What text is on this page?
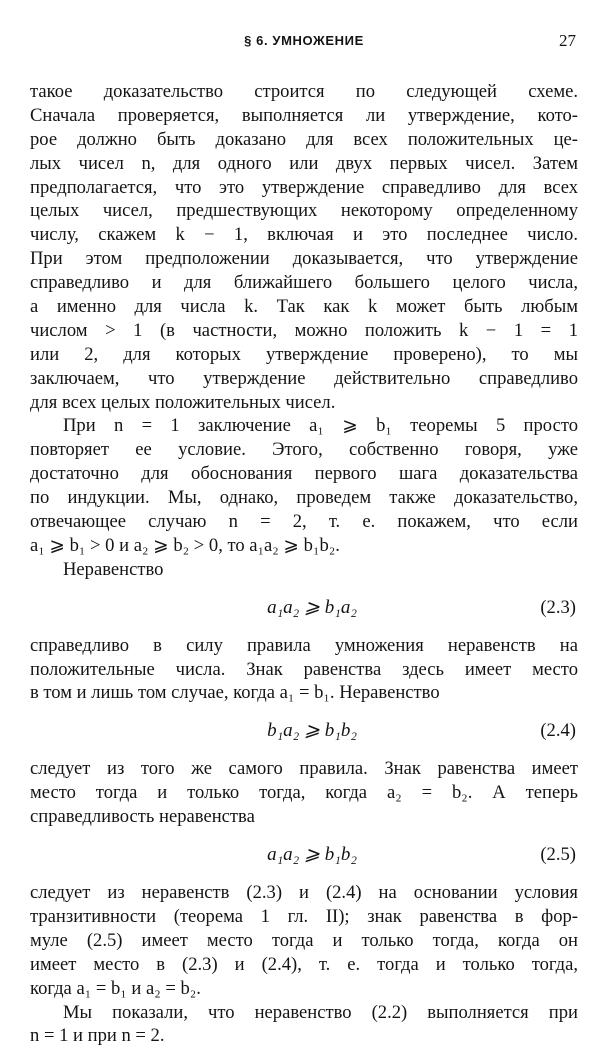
§ 6. УМНОЖЕНИЕ	27
такое доказательство строится по следующей схеме.
Сначала проверяется, выполняется ли утверждение, кото-
рое должно быть доказано для всех положительных це-
лых чисел n, для одного или двух первых чисел. Затем
предполагается, что это утверждение справедливо для всех
целых чисел, предшествующих некоторому определенному
числу, скажем k − 1, включая и это последнее число.
При этом предположении доказывается, что утверждение
справедливо и для ближайшего большего целого числа,
а именно для числа k. Так как k может быть любым
числом > 1 (в частности, можно положить k − 1 = 1
или 2, для которых утверждение проверено), то мы
заключаем, что утверждение действительно справедливо
для всех целых положительных чисел.
При n = 1 заключение a₁ ⩾ b₁ теоремы 5 просто
повторяет ее условие. Этого, собственно говоря, уже
достаточно для обоснования первого шага доказательства
по индукции. Мы, однако, проведем также доказательство,
отвечающее случаю n = 2, т. е. покажем, что если
a₁ ⩾ b₁ > 0 и a₂ ⩾ b₂ > 0, то a₁a₂ ⩾ b₁b₂.
Неравенство
a₁a₂ ⩾ b₁a₂	(2.3)
справедливо в силу правила умножения неравенств на
положительные числа. Знак равенства здесь имеет место
в том и лишь том случае, когда a₁ = b₁. Неравенство
b₁a₂ ⩾ b₁b₂	(2.4)
следует из того же самого правила. Знак равенства имеет
место тогда и только тогда, когда a₂ = b₂. А теперь
справедливость неравенства
a₁a₂ ⩾ b₁b₂	(2.5)
следует из неравенств (2.3) и (2.4) на основании условия
транзитивности (теорема 1 гл. II); знак равенства в фор-
муле (2.5) имеет место тогда и только тогда, когда он
имеет место в (2.3) и (2.4), т. е. тогда и только тогда,
когда a₁ = b₁ и a₂ = b₂.
Мы показали, что неравенство (2.2) выполняется при
n = 1 и при n = 2.
